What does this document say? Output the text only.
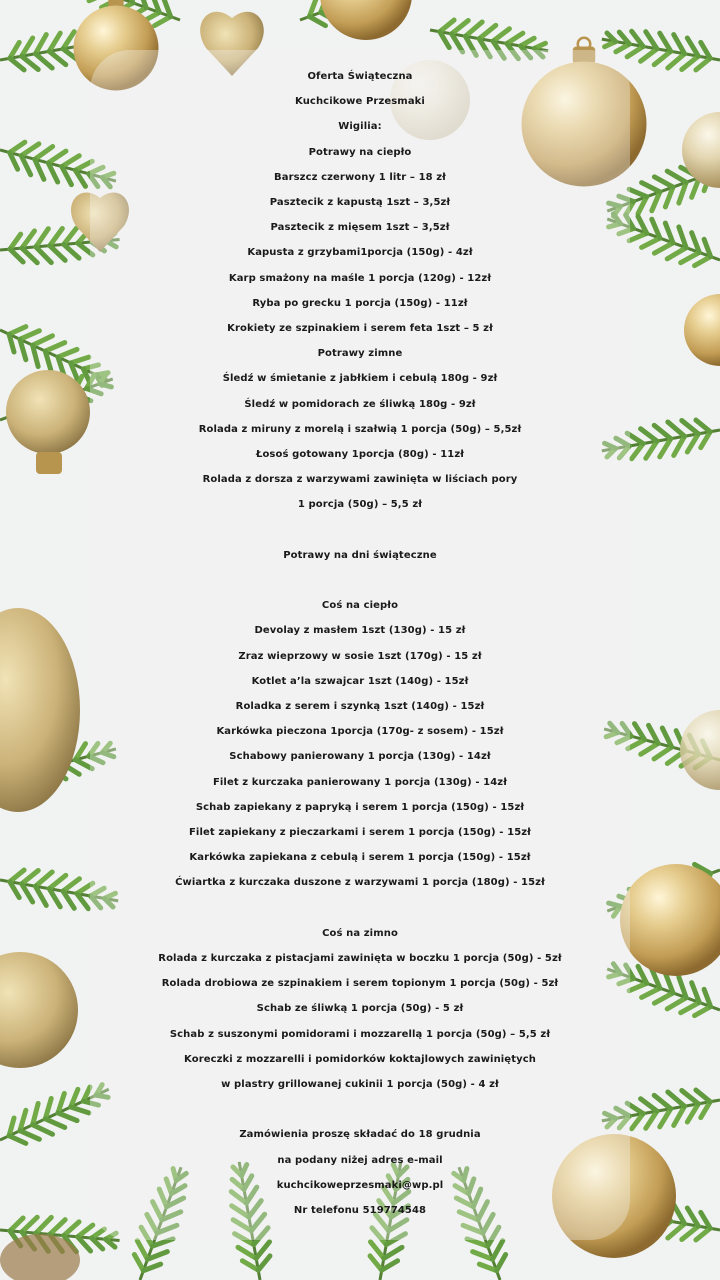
Oferta Świąteczna
Kuchcikowe Przesmaki
Wigilia:
Potrawy na ciepło
Barszcz czerwony 1 litr – 18 zł
Pasztecik z kapustą 1szt – 3,5zł
Pasztecik z mięsem 1szt – 3,5zł
Kapusta z grzybami1porcja (150g) - 4zł
Karp smażony na maśle 1 porcja (120g) - 12zł
Ryba po grecku 1 porcja (150g) - 11zł
Krokiety ze szpinakiem i serem feta 1szt – 5 zł
Potrawy zimne
Śledź w śmietanie z jabłkiem i cebulą 180g - 9zł
Śledź w pomidorach ze śliwką 180g - 9zł
Rolada z miruny z morelą i szałwią 1 porcja (50g) – 5,5zł
Łosoś gotowany 1porcja (80g) - 11zł
Rolada z dorsza z warzywami zawinięta w liściach pory
1 porcja (50g) – 5,5 zł
Potrawy na dni świąteczne
Coś na ciepło
Devolay z masłem 1szt (130g) - 15 zł
Zraz wieprzowy w sosie 1szt (170g) - 15 zł
Kotlet a’la szwajcar 1szt (140g) - 15zł
Roladka z serem i szynką 1szt (140g) - 15zł
Karkówka pieczona 1porcja (170g- z sosem) - 15zł
Schabowy panierowany 1 porcja (130g) - 14zł
Filet z kurczaka panierowany 1 porcja (130g) - 14zł
Schab zapiekany z papryką i serem 1 porcja (150g) - 15zł
Filet zapiekany z pieczarkami i serem 1 porcja (150g) - 15zł
Karkówka zapiekana z cebulą i serem 1 porcja (150g) - 15zł
Ćwiartka z kurczaka duszone z warzywami 1 porcja (180g) - 15zł
Coś na zimno
Rolada z kurczaka z pistacjami zawinięta w boczku 1 porcja (50g) - 5zł
Rolada drobiowa ze szpinakiem i serem topionym 1 porcja (50g) - 5zł
Schab ze śliwką 1 porcja (50g) - 5 zł
Schab z suszonymi pomidorami i mozzarellą 1 porcja (50g) – 5,5 zł
Koreczki z mozzarelli i pomidorków koktajlowych zawiniętych
w plastry grillowanej cukinii 1 porcja (50g) - 4 zł
Zamówienia proszę składać do 18 grudnia
na podany niżej adres e-mail
kuchcikoweprzesmaki@wp.pl
Nr telefonu 519774548
